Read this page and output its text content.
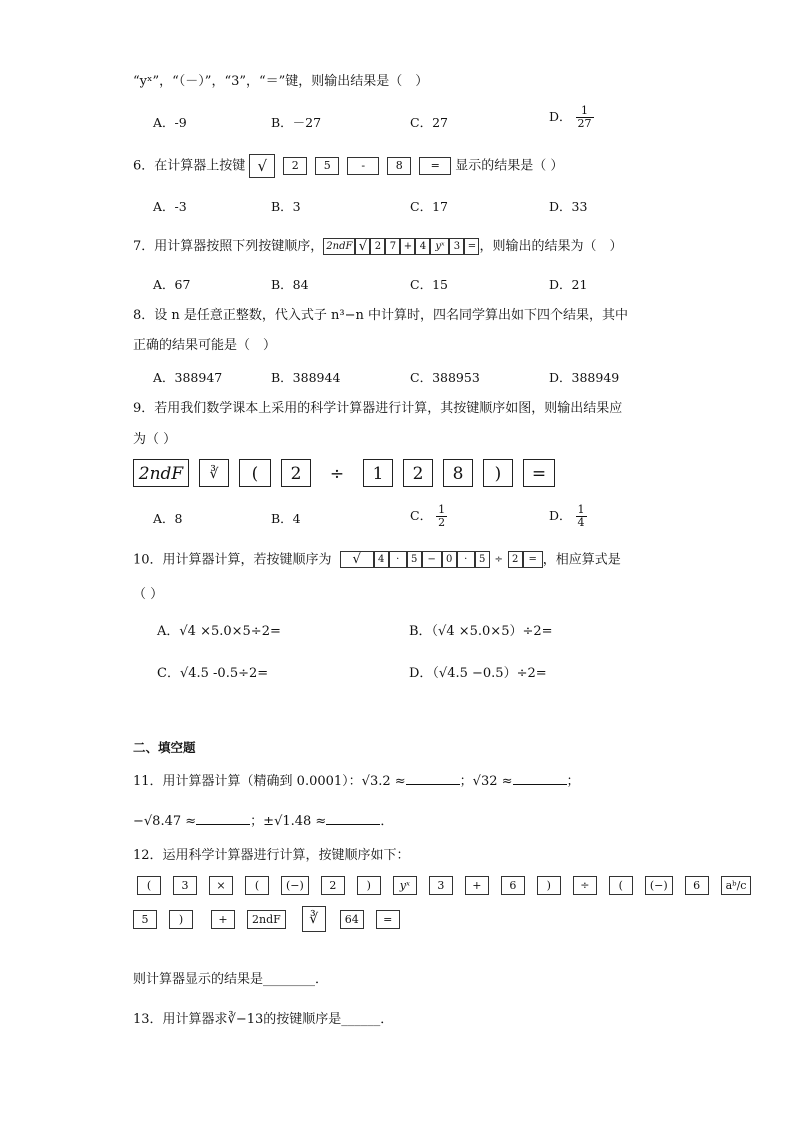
“yˣ”，“（－）”，“3”，“＝”键，则输出结果是（　）
A．-9	B．－27	C．27	D． $\frac{1}{27}$
6．在计算器上按键 √ 2 5	-	8	= 显示的结果是（ ）
A．-3	B．3	C．17	D．33
7．用计算器按照下列按键顺序， 2ndF √ 2 7 + 4 yˣ 3 = ，则输出的结果为（　）
A．67	B．84	C．15	D．21
8．设 n 是任意正整数，代入式子 n³−n 中计算时，四名同学算出如下四个结果，其中
正确的结果可能是（　）
A．388947	B．388944	C．388953	D．388949
9．若用我们数学课本上采用的科学计算器进行计算，其按键顺序如图，则输出结果应
为（ ）
2ndF ∛ ( 2 ÷ 1 2 8 ) =
A．8	B．4	C． $\frac{1}{2}$	D． $\frac{1}{4}$
10．用计算器计算，若按键顺序为 √ 4 · 5 − 0 · 5 ÷ 2 = ，相应算式是
（ ）
A．√4 ×5.0×5÷2=	B．（√4 ×5.0×5）÷2=
C．√4.5 -0.5÷2=	D．（√4.5 −0.5）÷2=
二、填空题
11．用计算器计算（精确到 0.0001）：√3.2 ≈	；√32 ≈	；
−√8.47 ≈	；±√1.48 ≈	．
12．运用科学计算器进行计算，按键顺序如下：
(	3	×	( (−) 2	)	yˣ 3	+	6	)	÷	( (−) 6 aᵇ/c
5	)	+ 2ndF ∛ 64 =
则计算器显示的结果是________．
13．用计算器求∛−13的按键顺序是______．
